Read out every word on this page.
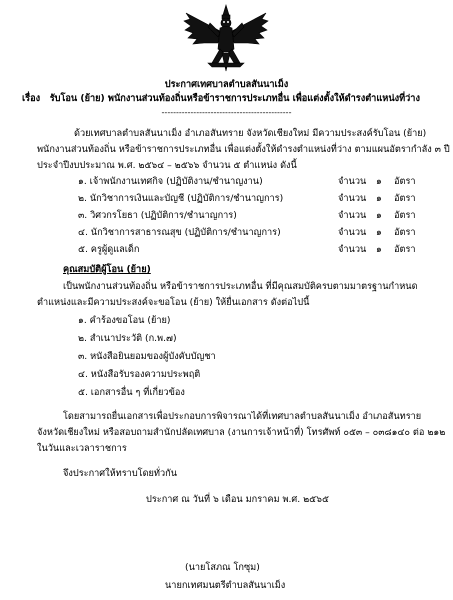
ประกาศเทศบาลตำบลสันนาเม็ง
เรื่อง รับโอน (ย้าย) พนักงานส่วนท้องถิ่นหรือข้าราชการประเภทอื่น เพื่อแต่งตั้งให้ดำรงตำแหน่งที่ว่าง
---------------------------------------------
ด้วยเทศบาลตำบลสันนาเม็ง อำเภอสันทราย จังหวัดเชียงใหม่ มีความประสงค์รับโอน (ย้าย)
พนักงานส่วนท้องถิ่น หรือข้าราชการประเภทอื่น เพื่อแต่งตั้งให้ดำรงตำแหน่งที่ว่าง ตามแผนอัตรากำลัง ๓ ปี
ประจำปีงบประมาณ พ.ศ. ๒๕๖๔ – ๒๕๖๖ จำนวน ๕ ตำแหน่ง ดังนี้
๑. เจ้าพนักงานเทศกิจ (ปฏิบัติงาน/ชำนาญงาน)	จำนวน ๑ อัตรา
๒. นักวิชาการเงินและบัญชี (ปฏิบัติการ/ชำนาญการ)	จำนวน ๑ อัตรา
๓. วิศวกรโยธา (ปฏิบัติการ/ชำนาญการ)	จำนวน ๑ อัตรา
๔. นักวิชาการสาธารณสุข (ปฏิบัติการ/ชำนาญการ)	จำนวน ๑ อัตรา
๕. ครูผู้ดูแลเด็ก	จำนวน ๑ อัตรา
คุณสมบัติผู้โอน (ย้าย)
เป็นพนักงานส่วนท้องถิ่น หรือข้าราชการประเภทอื่น ที่มีคุณสมบัติครบตามมาตรฐานกำหนด
ตำแหน่งและมีความประสงค์จะขอโอน (ย้าย) ให้ยื่นเอกสาร ดังต่อไปนี้
๑. คำร้องขอโอน (ย้าย)
๒. สำเนาประวัติ (ก.พ.๗)
๓. หนังสือยินยอมของผู้บังคับบัญชา
๔. หนังสือรับรองความประพฤติ
๕. เอกสารอื่น ๆ ที่เกี่ยวข้อง
โดยสามารถยื่นเอกสารเพื่อประกอบการพิจารณาได้ที่เทศบาลตำบลสันนาเม็ง อำเภอสันทราย
จังหวัดเชียงใหม่ หรือสอบถามสำนักปลัดเทศบาล (งานการเจ้าหน้าที่) โทรศัพท์ ๐๕๓ – ๐๓๘๑๔๐ ต่อ ๒๑๒
ในวันและเวลาราชการ
จึงประกาศให้ทราบโดยทั่วกัน
ประกาศ ณ วันที่ ๖ เดือน มกราคม พ.ศ. ๒๕๖๕
(นายโสภณ โกซุม)
นายกเทศมนตรีตำบลสันนาเม็ง
